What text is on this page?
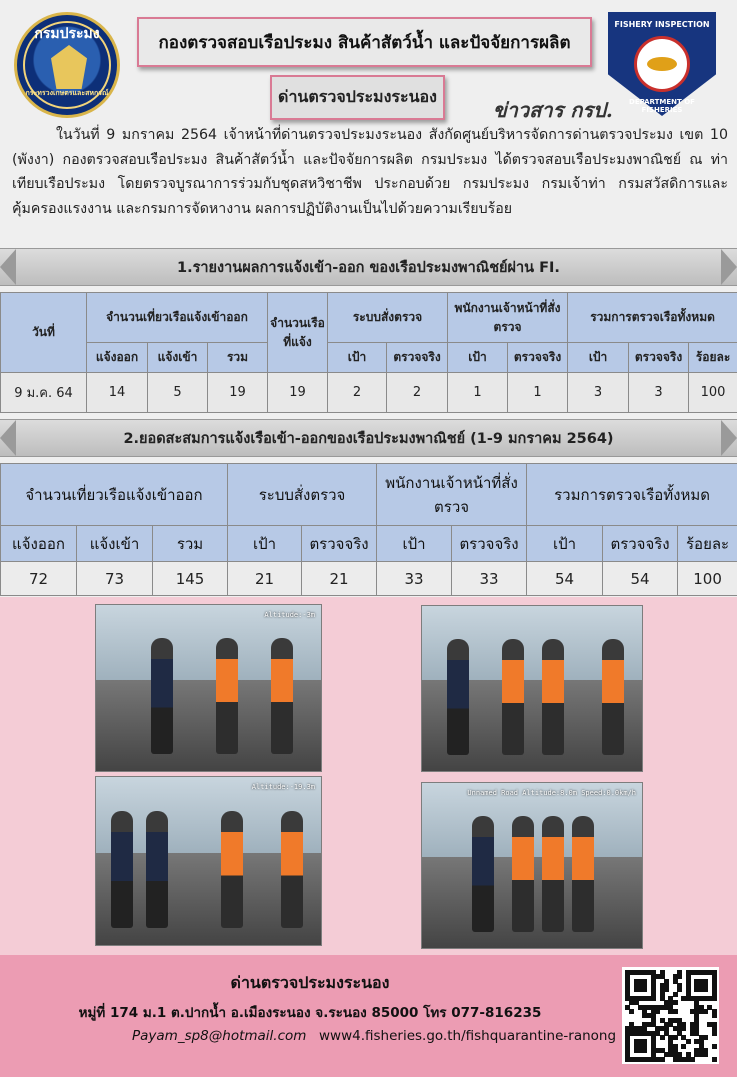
กรมประมง
กระทรวงเกษตรและสหกรณ์
กองตรวจสอบเรือประมง สินค้าสัตว์น้ำ และปัจจัยการผลิต
ด่านตรวจประมงระนอง
ข่าวสาร กรป.
FISHERY INSPECTION
DEPARTMENT OF FISHERIES

ในวันที่ 9 มกราคม 2564 เจ้าหน้าที่ด่านตรวจประมงระนอง สังกัดศูนย์บริหารจัดการด่านตรวจประมง เขต 10 (พังงา) กองตรวจสอบเรือประมง สินค้าสัตว์น้ำ และปัจจัยการผลิต กรมประมง ได้ตรวจสอบเรือประมงพาณิชย์ ณ ท่าเทียบเรือประมง โดยตรวจบูรณาการร่วมกับชุดสหวิชาชีพ ประกอบด้วย กรมประมง กรมเจ้าท่า กรมสวัสดิการและคุ้มครองแรงงาน และกรมการจัดหางาน ผลการปฏิบัติงานเป็นไปด้วยความเรียบร้อย

1.รายงานผลการแจ้งเข้า-ออก ของเรือประมงพาณิชย์ผ่าน FI.
วันที่	จำนวนเที่ยวเรือแจ้งเข้าออก			จำนวนเรือที่แจ้ง	ระบบสั่งตรวจ		พนักงานเจ้าหน้าที่สั่งตรวจ		รวมการตรวจเรือทั้งหมด		
	แจ้งออก	แจ้งเข้า	รวม		เป้า	ตรวจจริง	เป้า	ตรวจจริง	เป้า	ตรวจจริง	ร้อยละ
9 ม.ค. 64	14	5	19	19	2	2	1	1	3	3	100
2.ยอดสะสมการแจ้งเรือเข้า-ออกของเรือประมงพาณิชย์ (1-9 มกราคม 2564)
จำนวนเที่ยวเรือแจ้งเข้าออก			ระบบสั่งตรวจ		พนักงานเจ้าหน้าที่สั่งตรวจ		รวมการตรวจเรือทั้งหมด		
แจ้งออก	แจ้งเข้า	รวม	เป้า	ตรวจจริง	เป้า	ตรวจจริง	เป้า	ตรวจจริง	ร้อยละ
72	73	145	21	21	33	33	54	54	100
Altitude:-3m
Altitude:-19.3m
Unnamed Road Altitude:8.0m Speed:0.0km/h
ด่านตรวจประมงระนอง
หมู่ที่ 174 ม.1 ต.ปากน้ำ อ.เมืองระนอง จ.ระนอง 85000 โทร 077-816235
Payam_sp8@hotmail.com www4.fisheries.go.th/fishquarantine-ranong
